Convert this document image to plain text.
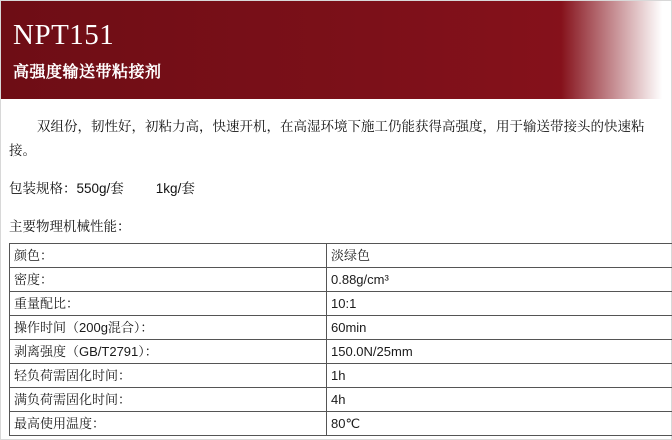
NPT151
高强度输送带粘接剂

双组份，韧性好，初粘力高，快速开机，在高湿环境下施工仍能获得高强度，用于输送带接头的快速粘接。

包装规格：550g/套 1kg/套

主要物理机械性能：

颜色：	淡绿色
密度：	0.88g/cm³
重量配比：	10:1
操作时间（200g混合）：	60min
剥离强度（GB/T2791）：	150.0N/25mm
轻负荷需固化时间：	1h
满负荷需固化时间：	4h
最高使用温度：	80℃
